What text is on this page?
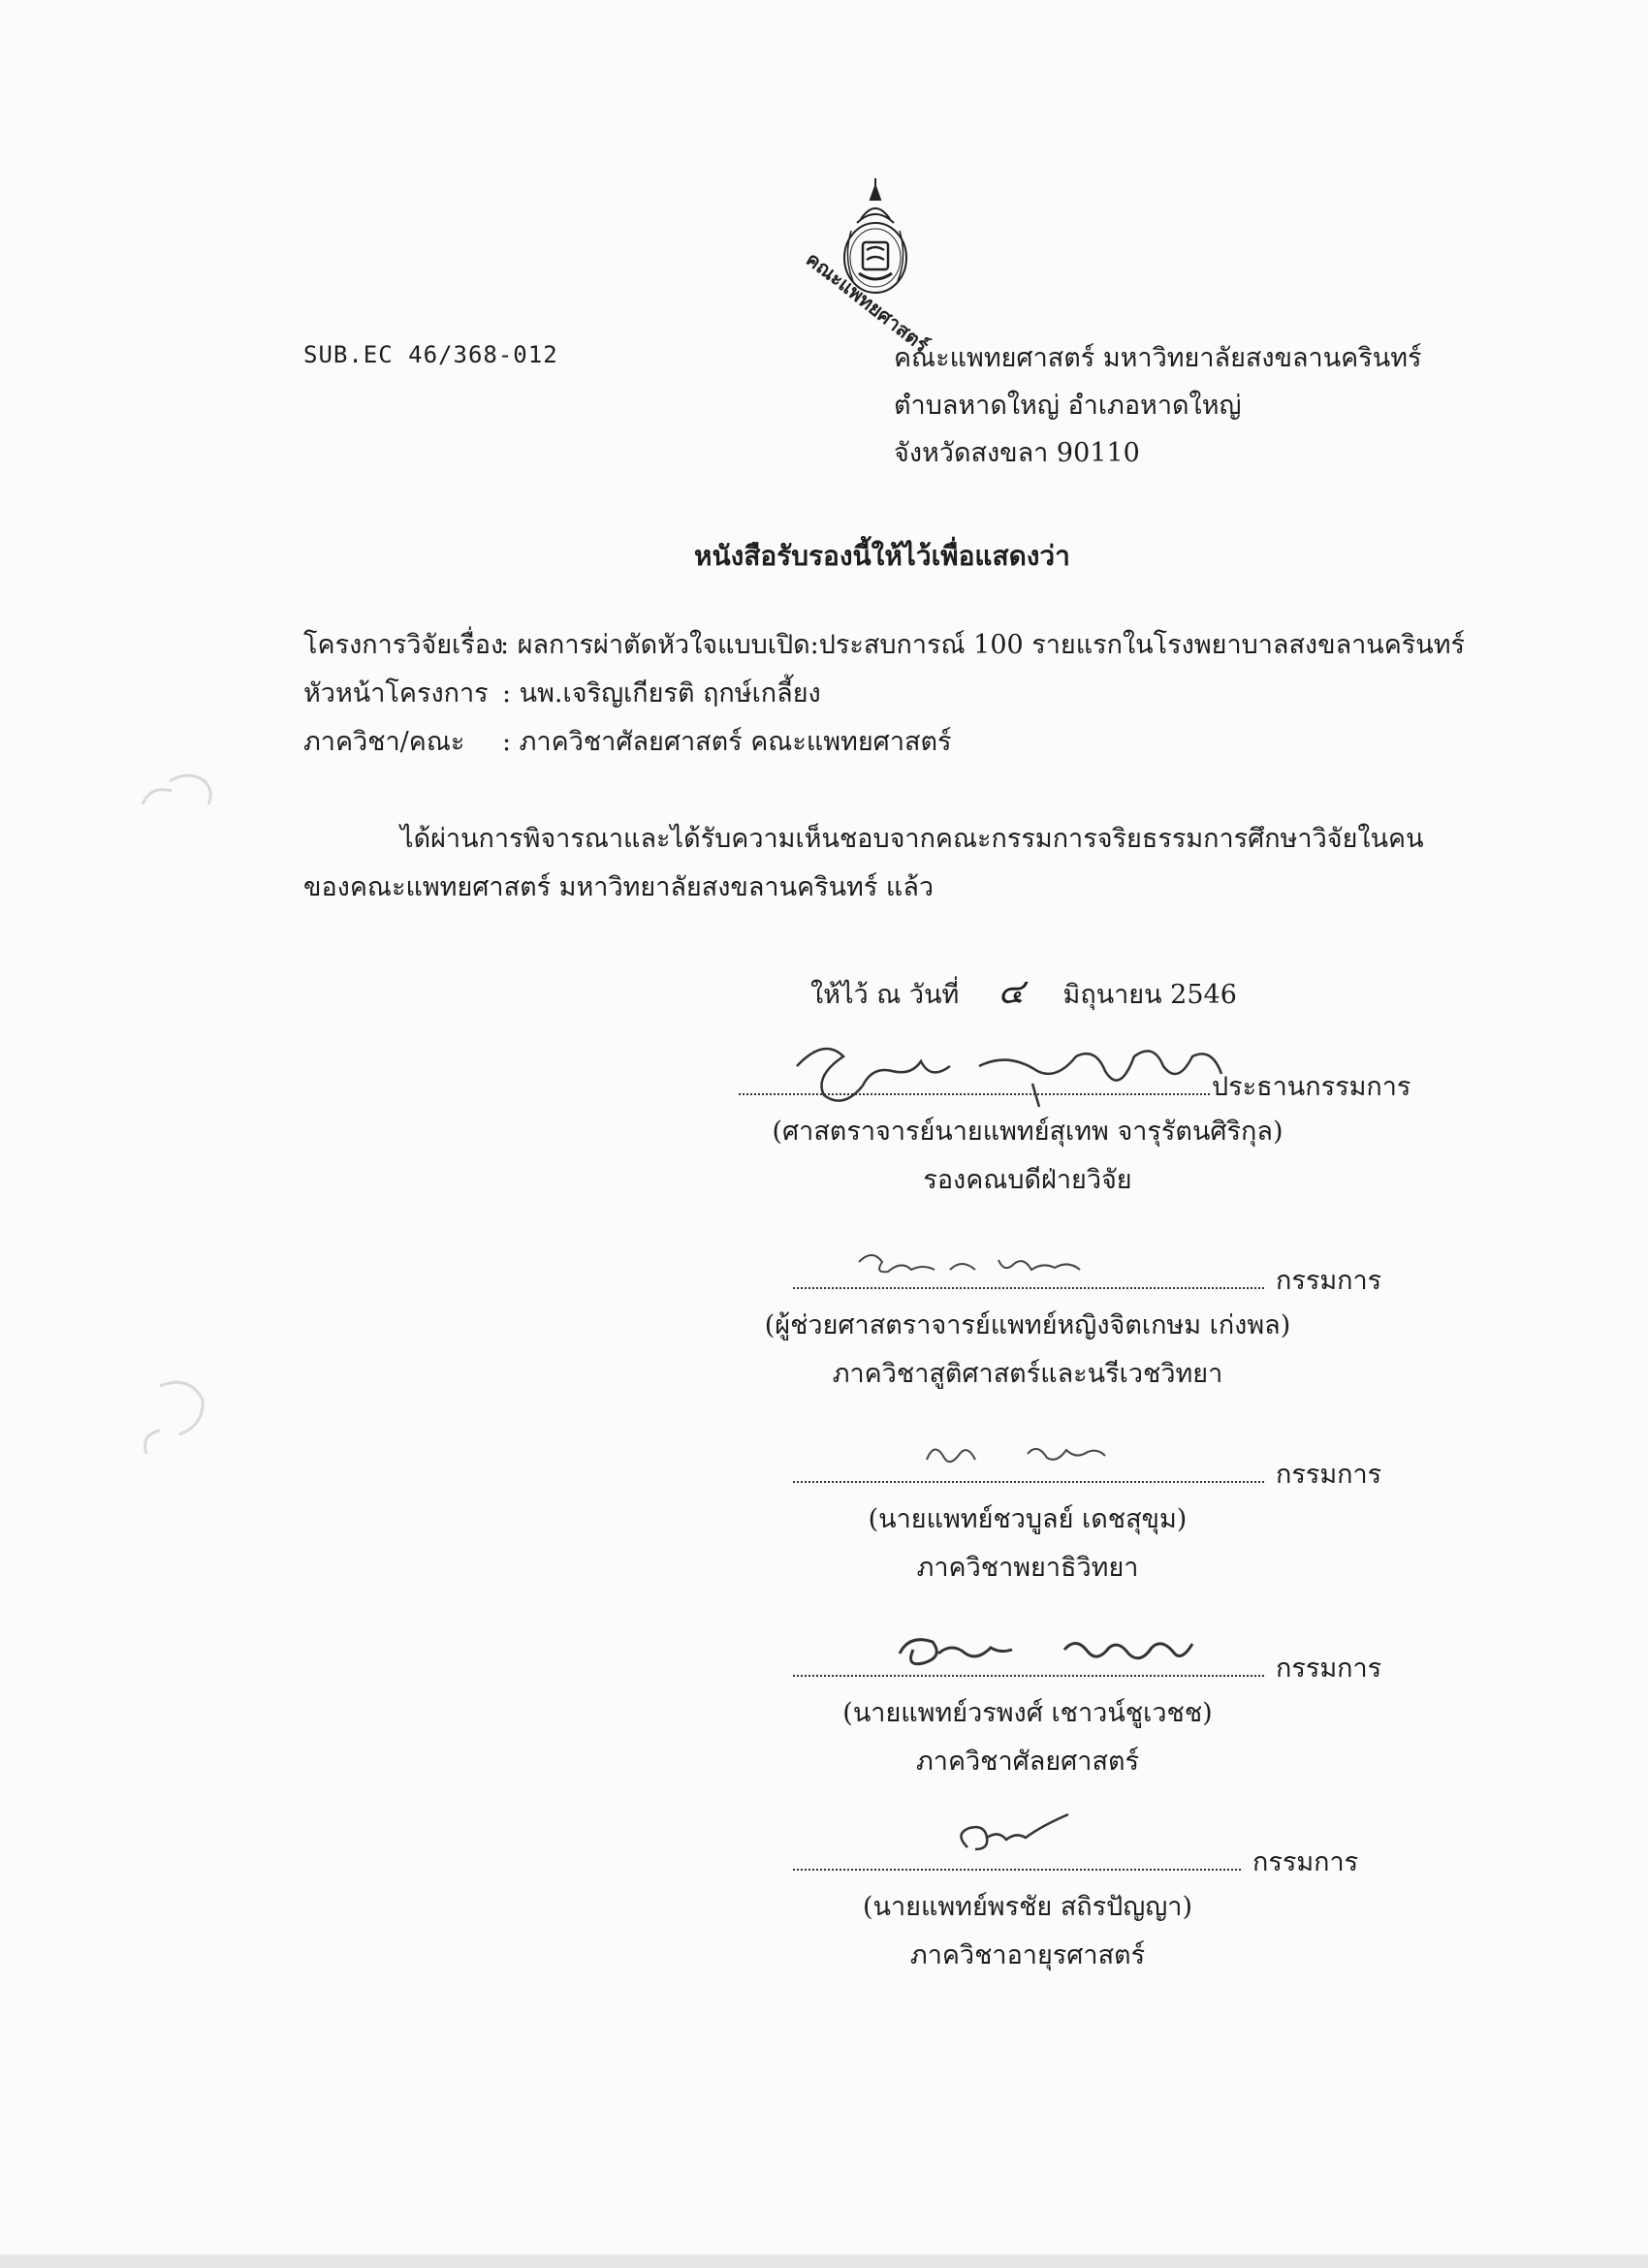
คณะแพทยศาสตร์
SUB.EC 46/368-012	คณะแพทยศาสตร์ มหาวิทยาลัยสงขลานครินทร์
ตำบลหาดใหญ่ อำเภอหาดใหญ่
จังหวัดสงขลา 90110
หนังสือรับรองนี้ให้ไว้เพื่อแสดงว่า
โครงการวิจัยเรื่อง: ผลการผ่าตัดหัวใจแบบเปิด:ประสบการณ์ 100 รายแรกในโรงพยาบาลสงขลานครินทร์
หัวหน้าโครงการ : นพ.เจริญเกียรติ ฤกษ์เกลี้ยง
ภาควิชา/คณะ : ภาควิชาศัลยศาสตร์ คณะแพทยศาสตร์
ได้ผ่านการพิจารณาและได้รับความเห็นชอบจากคณะกรรมการจริยธรรมการศึกษาวิจัยในคน
ของคณะแพทยศาสตร์ มหาวิทยาลัยสงขลานครินทร์ แล้ว
ให้ไว้ ณ วันที่ ๔ มิถุนายน 2546
ประธานกรรมการ
(ศาสตราจารย์นายแพทย์สุเทพ จารุรัตนศิริกุล)
รองคณบดีฝ่ายวิจัย
กรรมการ
(ผู้ช่วยศาสตราจารย์แพทย์หญิงจิตเกษม เก่งพล)
ภาควิชาสูติศาสตร์และนรีเวชวิทยา
กรรมการ
(นายแพทย์ชวบูลย์ เดชสุขุม)
ภาควิชาพยาธิวิทยา
กรรมการ
(นายแพทย์วรพงศ์ เชาวน์ชูเวชช)
ภาควิชาศัลยศาสตร์
กรรมการ
(นายแพทย์พรชัย สถิรปัญญา)
ภาควิชาอายุรศาสตร์
